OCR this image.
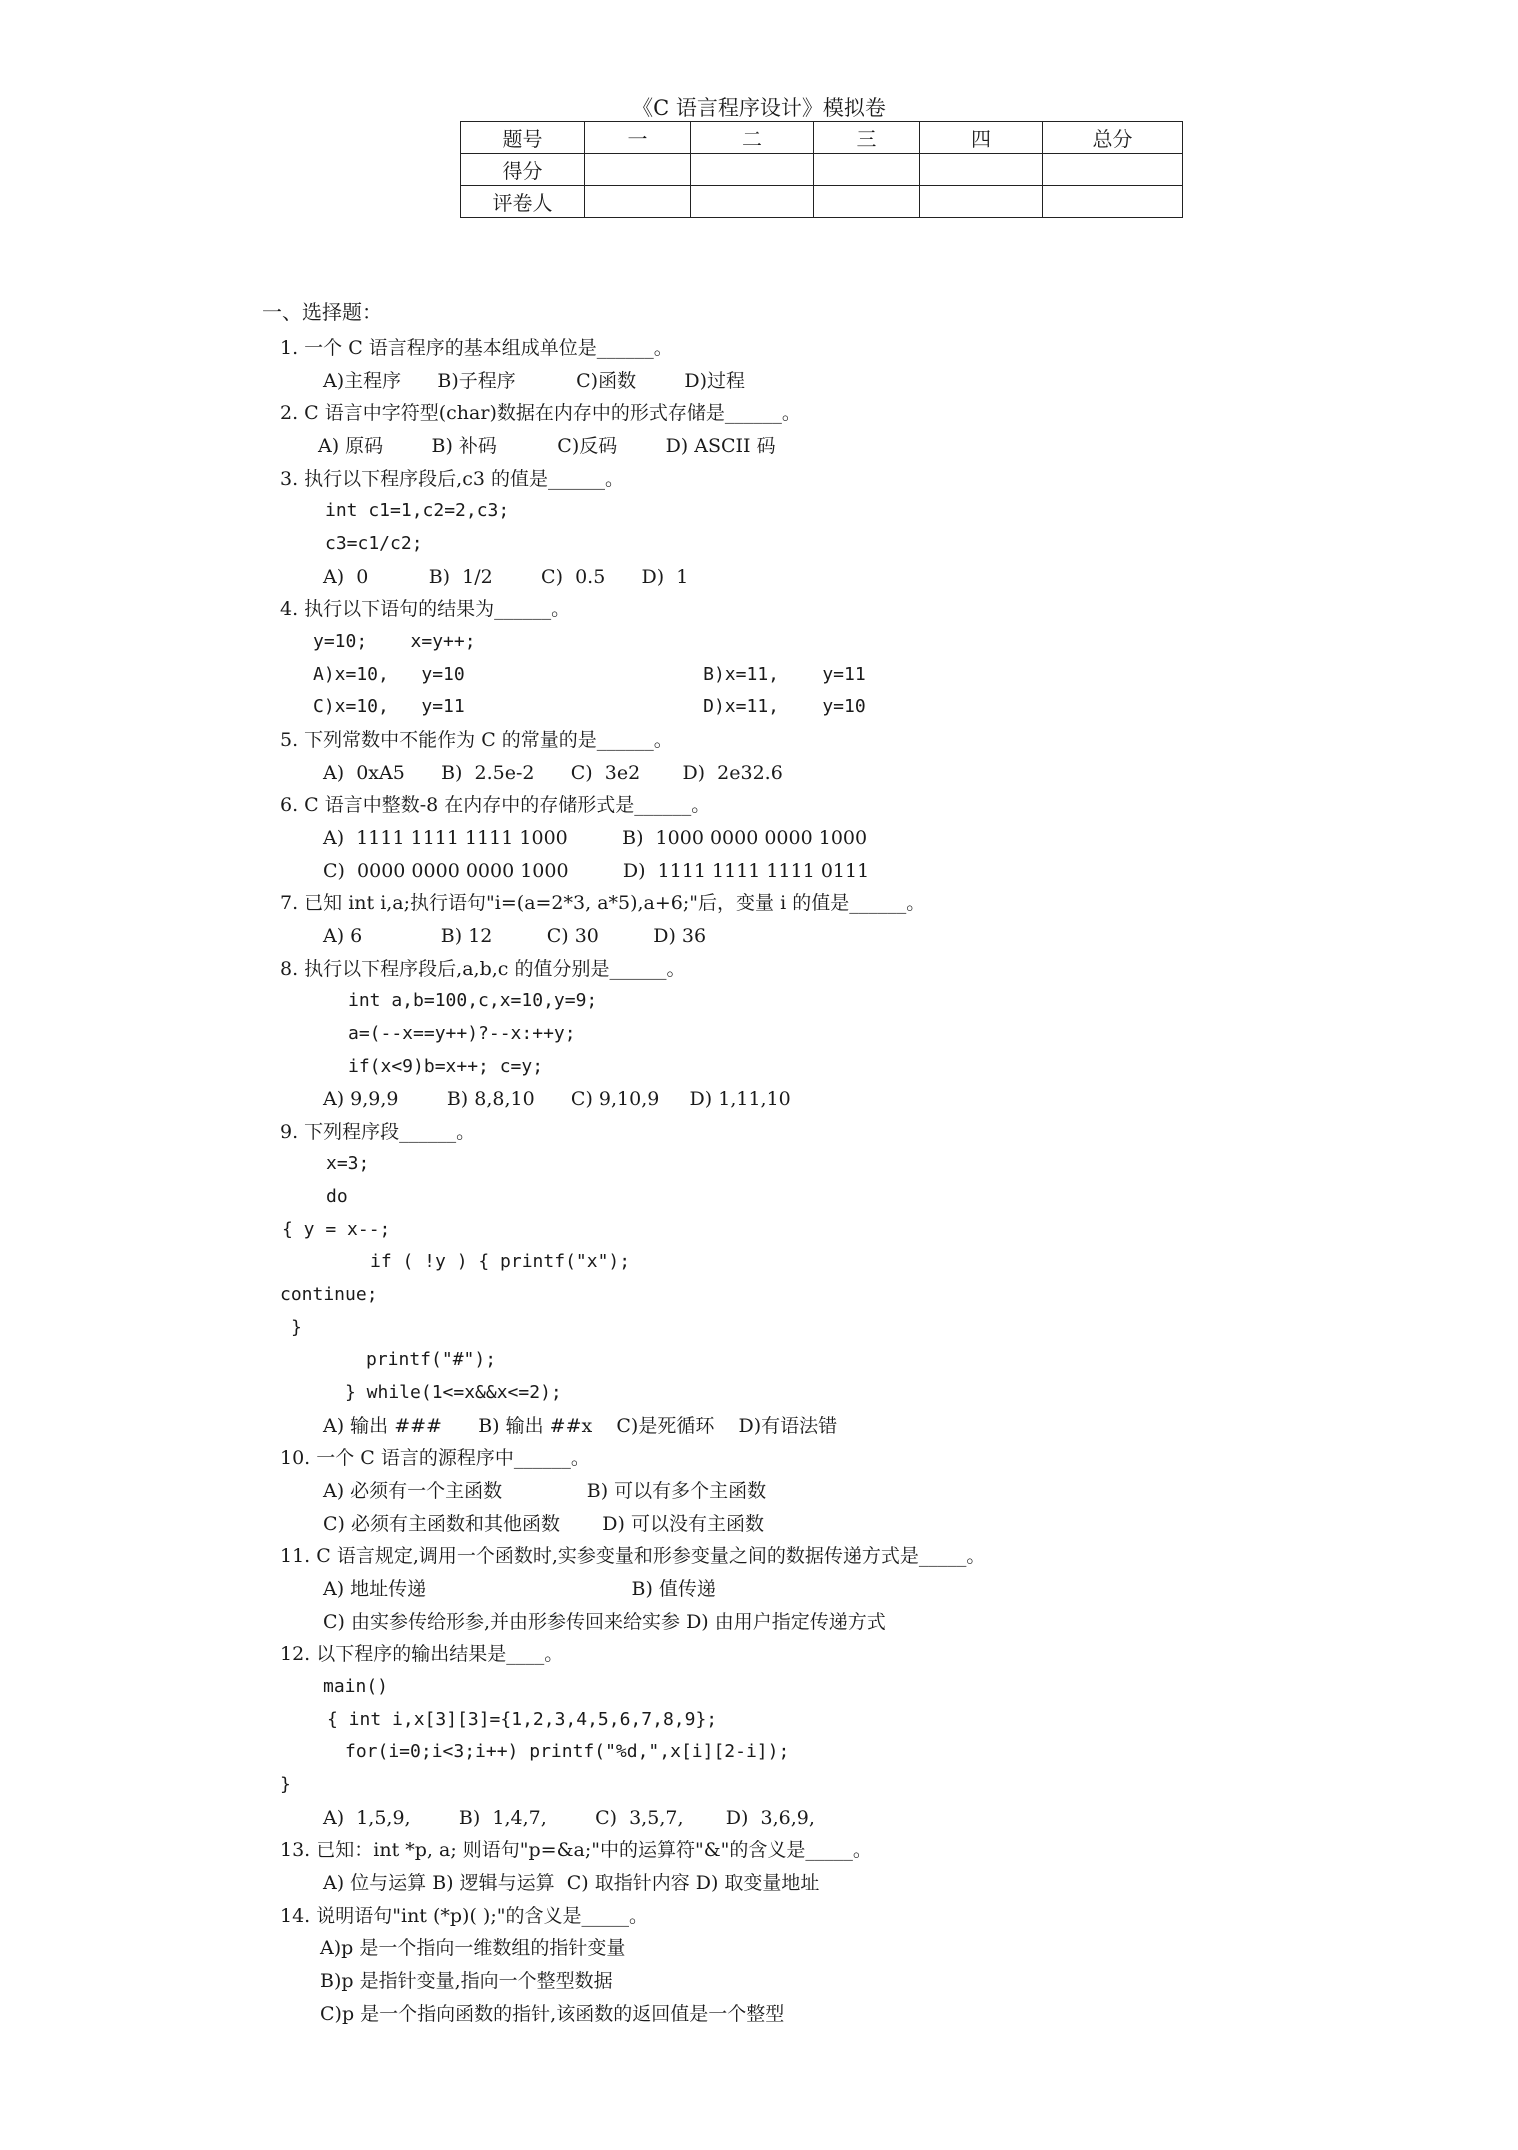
《C 语言程序设计》模拟卷
题号	一	二	三	四	总分
得分					
评卷人					
一、选择题：
1. 一个 C 语言程序的基本组成单位是______。
A)主程序      B)子程序          C)函数        D)过程
2. C 语言中字符型(char)数据在内存中的形式存储是______。
A) 原码        B) 补码          C)反码        D) ASCII 码
3. 执行以下程序段后,c3 的值是______。
int c1=1,c2=2,c3;
c3=c1/c2;
A)  0          B)  1/2        C)  0.5      D)  1
4. 执行以下语句的结果为______。
y=10;    x=y++;
A)x=10,   y=10                      B)x=11,    y=11
C)x=10,   y=11                      D)x=11,    y=10
5. 下列常数中不能作为 C 的常量的是______。
A)  0xA5      B)  2.5e-2      C)  3e2       D)  2e32.6
6. C 语言中整数-8 在内存中的存储形式是______。
A)  1111 1111 1111 1000         B)  1000 0000 0000 1000
C)  0000 0000 0000 1000         D)  1111 1111 1111 0111
7. 已知 int i,a;执行语句"i=(a=2*3, a*5),a+6;"后，变量 i 的值是______。
A) 6             B) 12         C) 30         D) 36
8. 执行以下程序段后,a,b,c 的值分别是______。
int a,b=100,c,x=10,y=9;
a=(--x==y++)?--x:++y;
if(x<9)b=x++; c=y;
A) 9,9,9        B) 8,8,10      C) 9,10,9     D) 1,11,10
9. 下列程序段______。
x=3;
do
{ y = x--;
if ( !y ) { printf("x");
continue;
}
printf("#");
} while(1<=x&&x<=2);
A) 输出 ###      B) 输出 ##x    C)是死循环    D)有语法错
10. 一个 C 语言的源程序中______。
A) 必须有一个主函数              B) 可以有多个主函数
C) 必须有主函数和其他函数       D) 可以没有主函数
11. C 语言规定,调用一个函数时,实参变量和形参变量之间的数据传递方式是_____。
A) 地址传递                                  B) 值传递
C) 由实参传给形参,并由形参传回来给实参 D) 由用户指定传递方式
12. 以下程序的输出结果是____。
main()
{ int i,x[3][3]={1,2,3,4,5,6,7,8,9};
for(i=0;i<3;i++) printf("%d,",x[i][2-i]);
}
A)  1,5,9,        B)  1,4,7,        C)  3,5,7,       D)  3,6,9,
13. 已知：int *p, a; 则语句"p=&a;"中的运算符"&"的含义是_____。
A) 位与运算 B) 逻辑与运算  C) 取指针内容 D) 取变量地址
14. 说明语句"int (*p)( );"的含义是_____。
A)p 是一个指向一维数组的指针变量
B)p 是指针变量,指向一个整型数据
C)p 是一个指向函数的指针,该函数的返回值是一个整型
